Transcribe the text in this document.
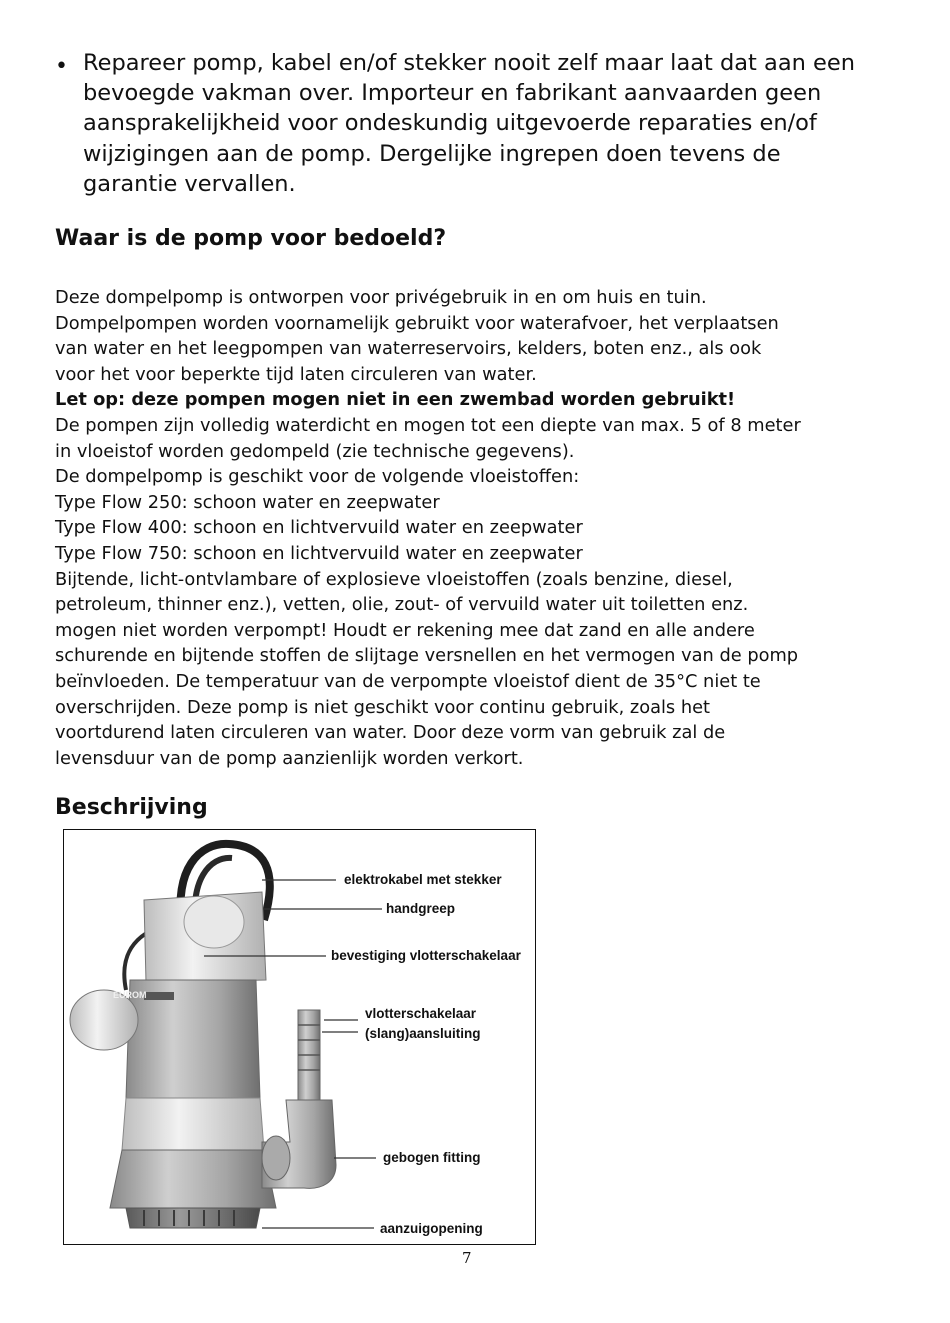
• Repareer pomp, kabel en/of stekker nooit zelf maar laat dat aan een
bevoegde vakman over. Importeur en fabrikant aanvaarden geen
aansprakelijkheid voor ondeskundig uitgevoerde reparaties en/of
wijzigingen aan de pomp. Dergelijke ingrepen doen tevens de
garantie vervallen.
Waar is de pomp voor bedoeld?
Deze dompelpomp is ontworpen voor privégebruik in en om huis en tuin.
Dompelpompen worden voornamelijk gebruikt voor waterafvoer, het verplaatsen
van water en het leegpompen van waterreservoirs, kelders, boten enz., als ook
voor het voor beperkte tijd laten circuleren van water.
Let op: deze pompen mogen niet in een zwembad worden gebruikt!
De pompen zijn volledig waterdicht en mogen tot een diepte van max. 5 of 8 meter
in vloeistof worden gedompeld (zie technische gegevens).
De dompelpomp is geschikt voor de volgende vloeistoffen:
Type Flow 250: schoon water en zeepwater
Type Flow 400: schoon en lichtvervuild water en zeepwater
Type Flow 750: schoon en lichtvervuild water en zeepwater
Bijtende, licht-ontvlambare of explosieve vloeistoffen (zoals benzine, diesel,
petroleum, thinner enz.), vetten, olie, zout- of vervuild water uit toiletten enz.
mogen niet worden verpompt! Houdt er rekening mee dat zand en alle andere
schurende en bijtende stoffen de slijtage versnellen en het vermogen van de pomp
beïnvloeden. De temperatuur van de verpompte vloeistof dient de 35°C niet te
overschrijden. Deze pomp is niet geschikt voor continu gebruik, zoals het
voortdurend laten circuleren van water. Door deze vorm van gebruik zal de
levensduur van de pomp aanzienlijk worden verkort.
Beschrijving
EUROM
elektrokabel met stekker
handgreep
bevestiging vlotterschakelaar
vlotterschakelaar
(slang)aansluiting
gebogen fitting
aanzuigopening
7
